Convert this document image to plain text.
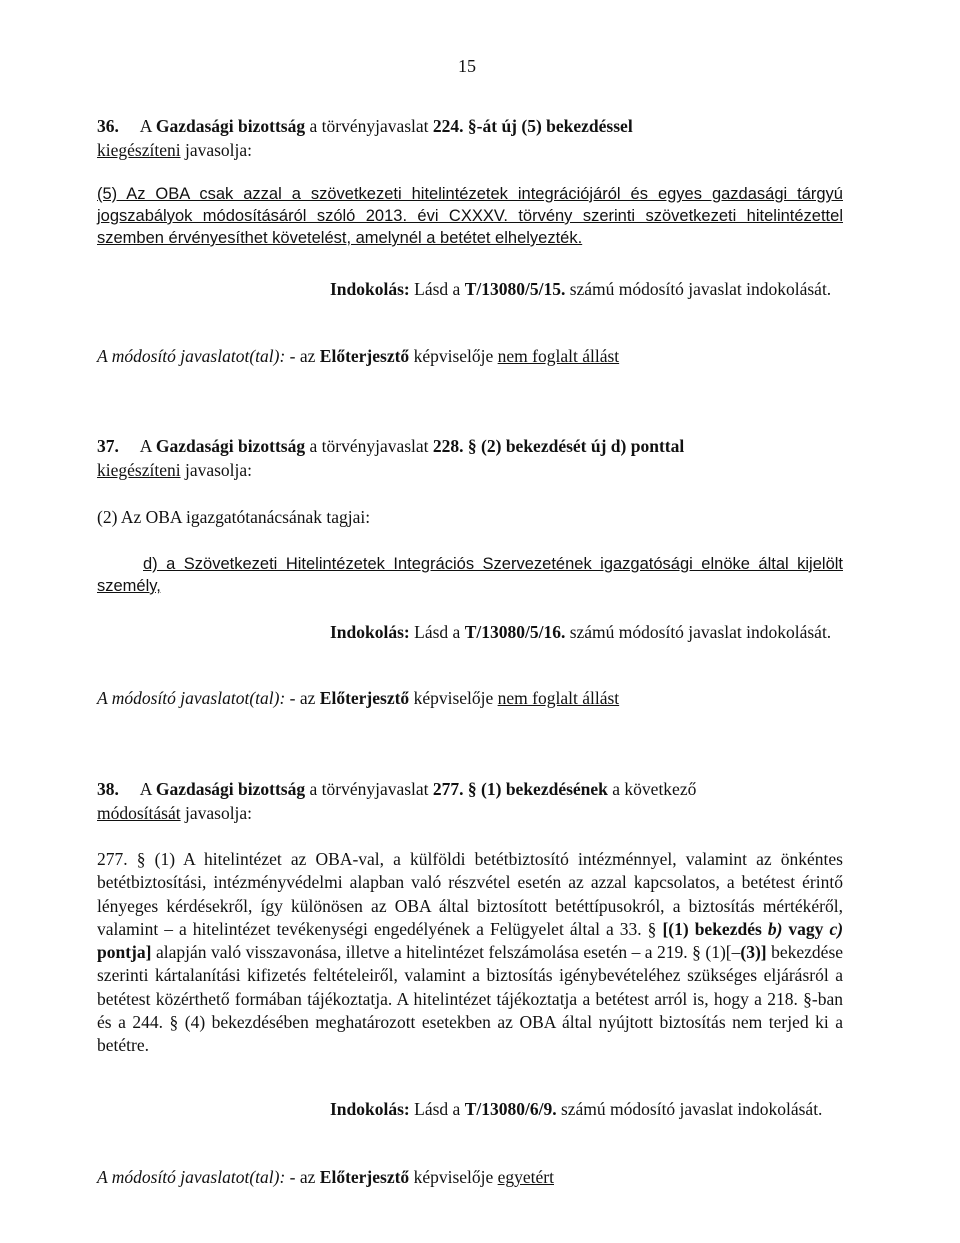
15
36. A Gazdasági bizottság a törvényjavaslat 224. §-át új (5) bekezdéssel
kiegészíteni javasolja:
(5) Az OBA csak azzal a szövetkezeti hitelintézetek integrációjáról és egyes gazdasági tárgyú jogszabályok módosításáról szóló 2013. évi CXXXV. törvény szerinti szövetkezeti hitelintézettel szemben érvényesíthet követelést, amelynél a betétet elhelyezték.
Indokolás: Lásd a T/13080/5/15. számú módosító javaslat indokolását.
A módosító javaslatot(tal): - az Előterjesztő képviselője nem foglalt állást
37. A Gazdasági bizottság a törvényjavaslat 228. § (2) bekezdését új d) ponttal
kiegészíteni javasolja:
(2) Az OBA igazgatótanácsának tagjai:
d) a Szövetkezeti Hitelintézetek Integrációs Szervezetének igazgatósági elnöke által kijelölt személy,
Indokolás: Lásd a T/13080/5/16. számú módosító javaslat indokolását.
A módosító javaslatot(tal): - az Előterjesztő képviselője nem foglalt állást
38. A Gazdasági bizottság a törvényjavaslat 277. § (1) bekezdésének a következő
módosítását javasolja:
277. § (1) A hitelintézet az OBA-val, a külföldi betétbiztosító intézménnyel, valamint az önkéntes betétbiztosítási, intézményvédelmi alapban való részvétel esetén az azzal kapcsolatos, a betétest érintő lényeges kérdésekről, így különösen az OBA által biztosított betéttípusokról, a biztosítás mértékéről, valamint – a hitelintézet tevékenységi engedélyének a Felügyelet által a 33. § [(1) bekezdés b) vagy c) pontja] alapján való visszavonása, illetve a hitelintézet felszámolása esetén – a 219. § (1)[–(3)] bekezdése szerinti kártalanítási kifizetés feltételeiről, valamint a biztosítás igénybevételéhez szükséges eljárásról a betétest közérthető formában tájékoztatja. A hitelintézet tájékoztatja a betétest arról is, hogy a 218. §-ban és a 244. § (4) bekezdésében meghatározott esetekben az OBA által nyújtott biztosítás nem terjed ki a betétre.
Indokolás: Lásd a T/13080/6/9. számú módosító javaslat indokolását.
A módosító javaslatot(tal): - az Előterjesztő képviselője egyetért
